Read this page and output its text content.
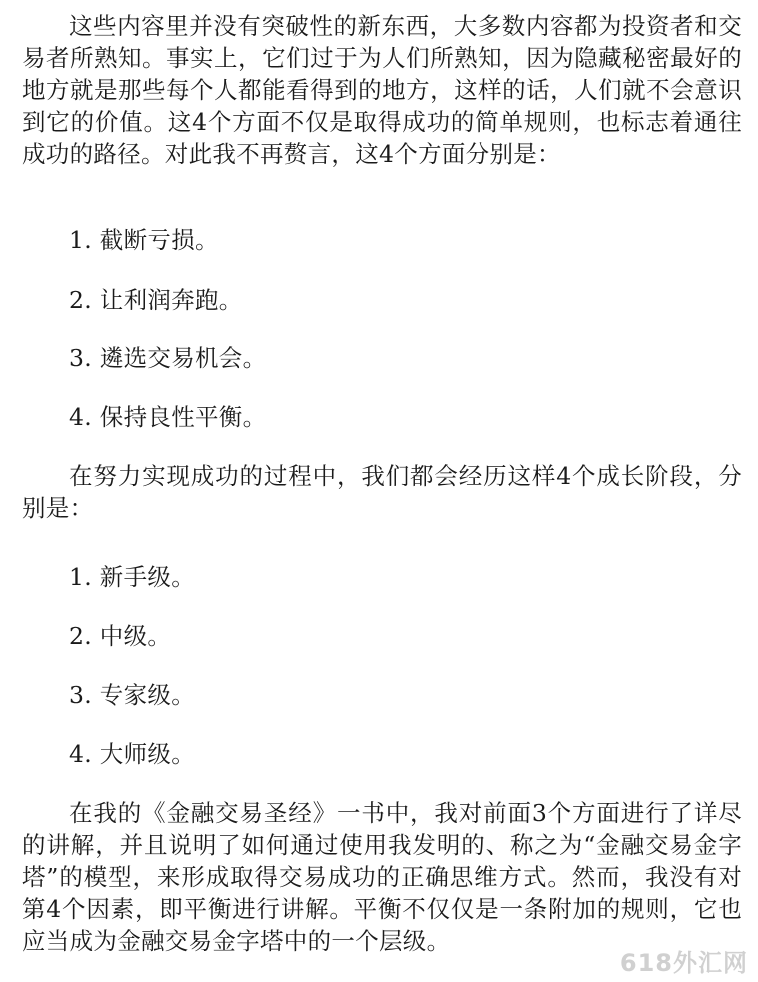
这些内容里并没有突破性的新东西，大多数内容都为投资者和交易者所熟知。事实上，它们过于为人们所熟知，因为隐藏秘密最好的地方就是那些每个人都能看得到的地方，这样的话，人们就不会意识到它的价值。这4个方面不仅是取得成功的简单规则，也标志着通往成功的路径。对此我不再赘言，这4个方面分别是：

1. 截断亏损。

2. 让利润奔跑。

3. 遴选交易机会。

4. 保持良性平衡。

在努力实现成功的过程中，我们都会经历这样4个成长阶段，分别是：

1. 新手级。

2. 中级。

3. 专家级。

4. 大师级。

在我的《金融交易圣经》一书中，我对前面3个方面进行了详尽的讲解，并且说明了如何通过使用我发明的、称之为“金融交易金字塔”的模型，来形成取得交易成功的正确思维方式。然而，我没有对第4个因素，即平衡进行讲解。平衡不仅仅是一条附加的规则，它也应当成为金融交易金字塔中的一个层级。

618外汇网
